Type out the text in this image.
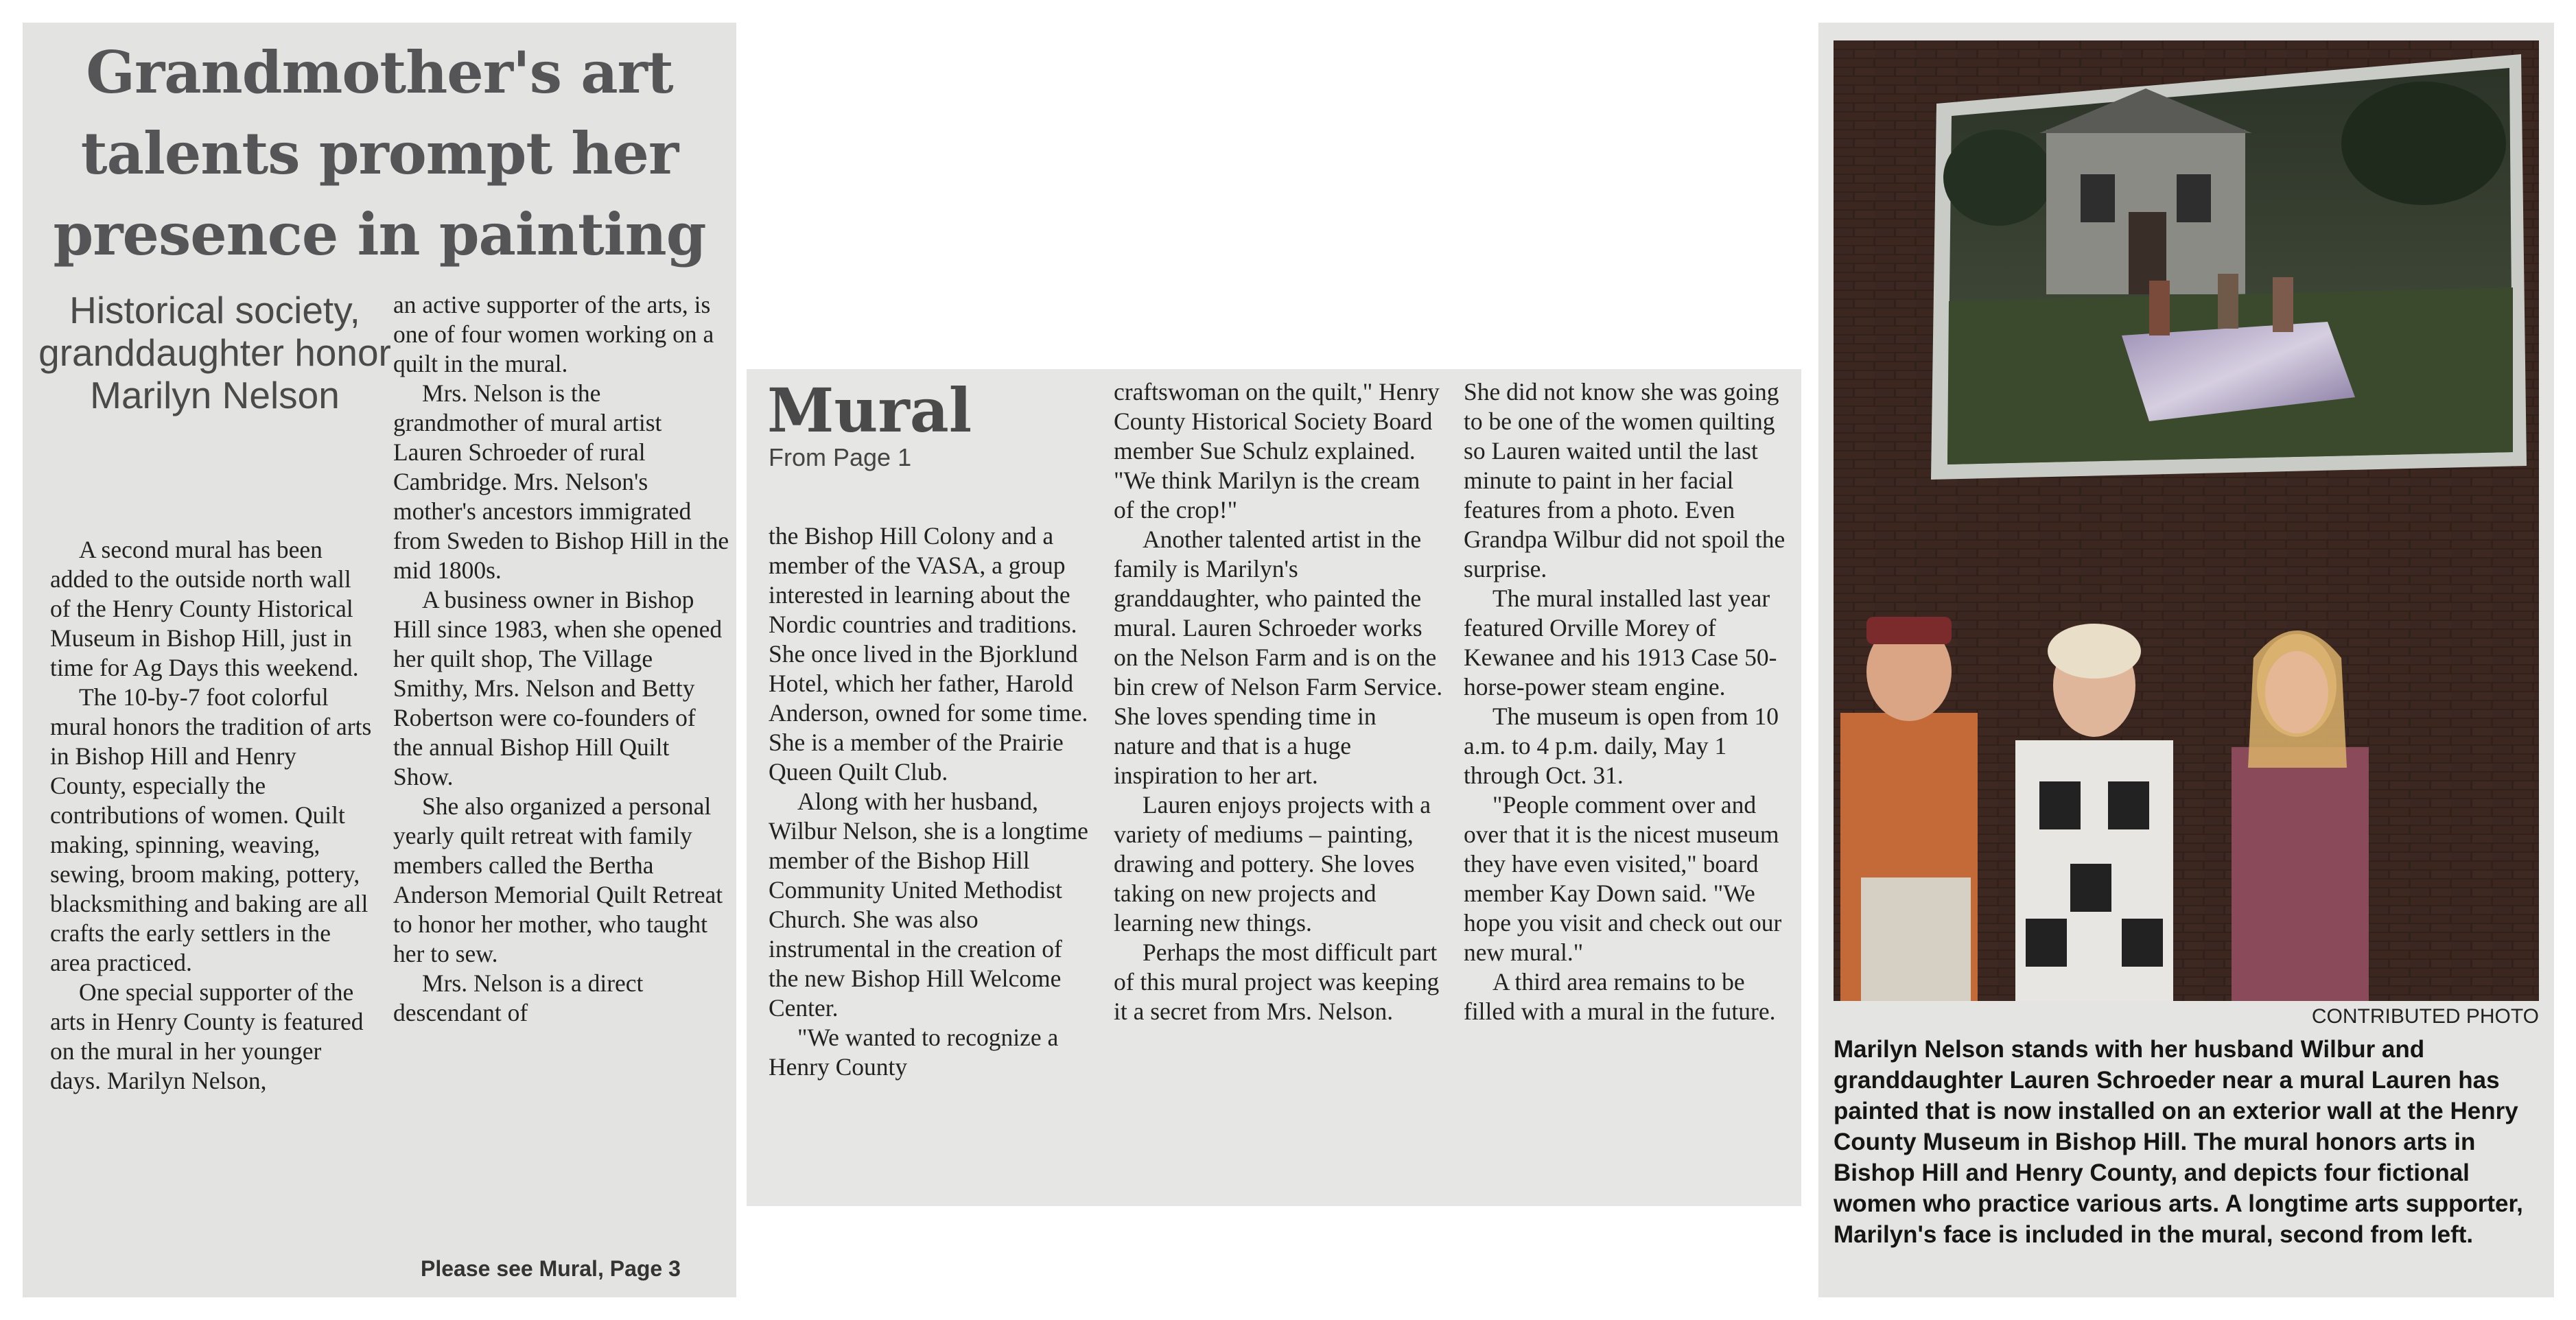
Grandmother's art talents prompt her presence in painting
Historical society, granddaughter honor Marilyn Nelson

A second mural has been added to the outside north wall of the Henry County Historical Museum in Bishop Hill, just in time for Ag Days this weekend.

The 10-by-7 foot colorful mural honors the tradition of arts in Bishop Hill and Henry County, especially the contributions of women. Quilt making, spinning, weaving, sewing, broom making, pottery, blacksmithing and baking are all crafts the early settlers in the area practiced.

One special supporter of the arts in Henry County is featured on the mural in her younger days. Marilyn Nelson,

an active supporter of the arts, is one of four women working on a quilt in the mural.

Mrs. Nelson is the grandmother of mural artist Lauren Schroeder of rural Cambridge. Mrs. Nelson's mother's ancestors immigrated from Sweden to Bishop Hill in the mid 1800s.

A business owner in Bishop Hill since 1983, when she opened her quilt shop, The Village Smithy, Mrs. Nelson and Betty Robertson were co-founders of the annual Bishop Hill Quilt Show.

She also organized a personal yearly quilt retreat with family members called the Bertha Anderson Memorial Quilt Retreat to honor her mother, who taught her to sew.

Mrs. Nelson is a direct descendant of

Please see Mural, Page 3
Mural
From Page 1

the Bishop Hill Colony and a member of the VASA, a group interested in learning about the Nordic countries and traditions. She once lived in the Bjorklund Hotel, which her father, Harold Anderson, owned for some time. She is a member of the Prairie Queen Quilt Club.

Along with her husband, Wilbur Nelson, she is a longtime member of the Bishop Hill Community United Methodist Church. She was also instrumental in the creation of the new Bishop Hill Welcome Center.

"We wanted to recognize a Henry County

craftswoman on the quilt," Henry County Historical Society Board member Sue Schulz explained. "We think Marilyn is the cream of the crop!"

Another talented artist in the family is Marilyn's granddaughter, who painted the mural. Lauren Schroeder works on the Nelson Farm and is on the bin crew of Nelson Farm Service. She loves spending time in nature and that is a huge inspiration to her art.

Lauren enjoys projects with a variety of mediums – painting, drawing and pottery. She loves taking on new projects and learning new things.

Perhaps the most difficult part of this mural project was keeping it a secret from Mrs. Nelson.

She did not know she was going to be one of the women quilting so Lauren waited until the last minute to paint in her facial features from a photo. Even Grandpa Wilbur did not spoil the surprise.

The mural installed last year featured Orville Morey of Kewanee and his 1913 Case 50-horse-power steam engine.

The museum is open from 10 a.m. to 4 p.m. daily, May 1 through Oct. 31.

"People comment over and over that it is the nicest museum they have even visited," board member Kay Down said. "We hope you visit and check out our new mural."

A third area remains to be filled with a mural in the future.	CONTRIBUTED PHOTO

Marilyn Nelson stands with her husband Wilbur and granddaughter Lauren Schroeder near a mural Lauren has painted that is now installed on an exterior wall at the Henry County Museum in Bishop Hill. The mural honors arts in Bishop Hill and Henry County, and depicts four fictional women who practice various arts. A longtime arts supporter, Marilyn's face is included in the mural, second from left.
